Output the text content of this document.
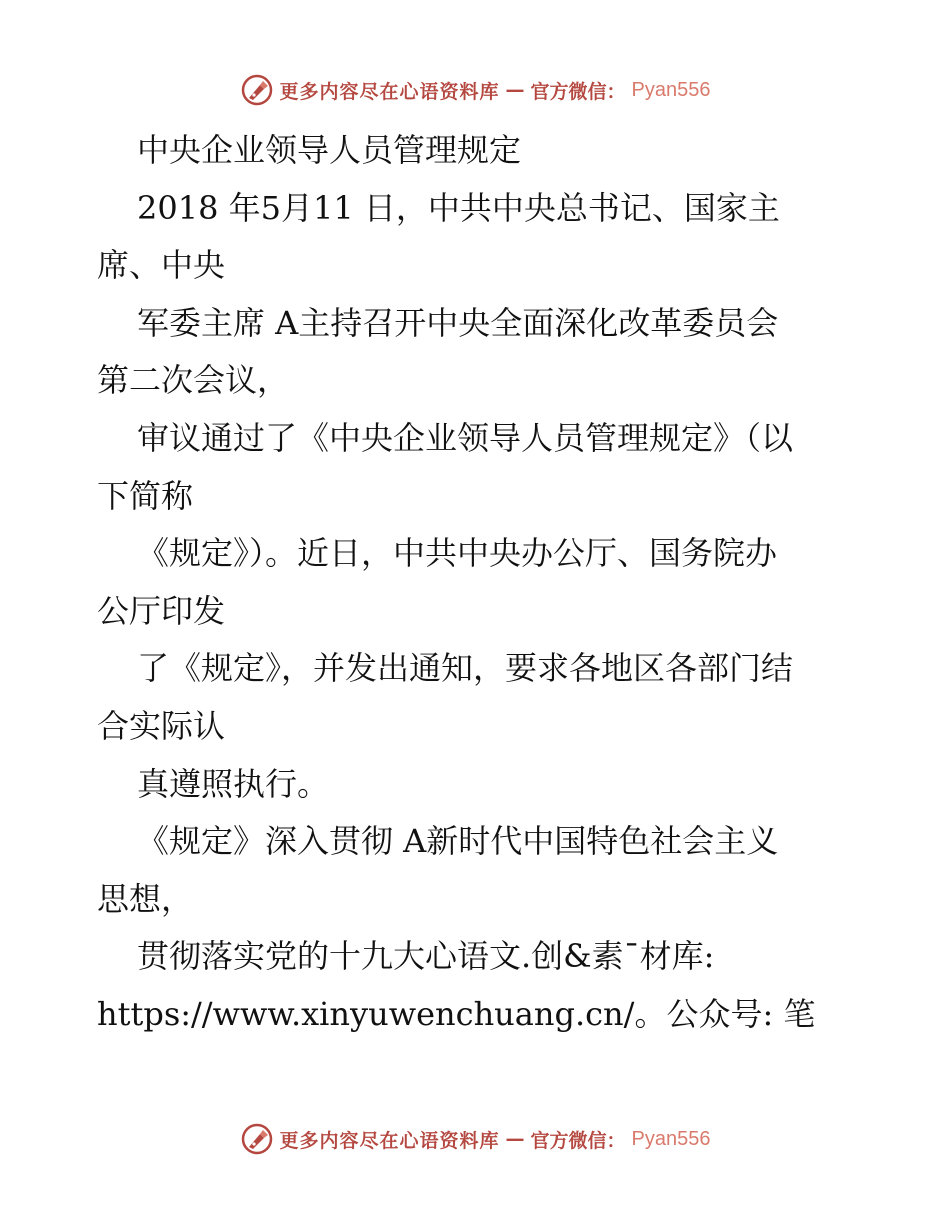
更多内容尽在心语资料库 — 官方微信： Pyan556
中央企业领导人员管理规定
2018 年5月11 日，中共中央总书记、国家主
席、中央
军委主席 A主持召开中央全面深化改革委员会
第二次会议，
审议通过了《中央企业领导人员管理规定》（以
下简称
《规定》）。近日，中共中央办公厅、国务院办
公厅印发
了《规定》，并发出通知，要求各地区各部门结
合实际认
真遵照执行。
《规定》深入贯彻 A新时代中国特色社会主义
思想，
贯彻落实党的十九大心语文.创&素¯材库:
https://www.xinyuwenchuang.cn/。公众号: 笔
更多内容尽在心语资料库 — 官方微信： Pyan556
